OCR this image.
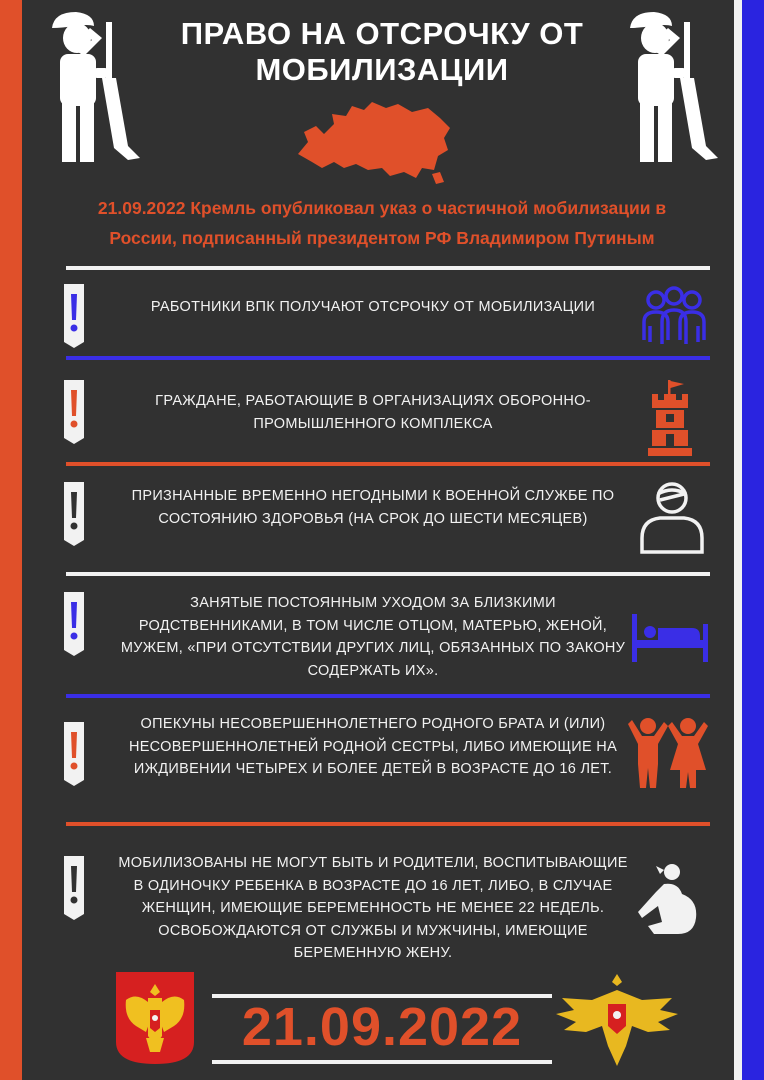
ПРАВО НА ОТСРОЧКУ ОТ МОБИЛИЗАЦИИ
21.09.2022 Кремль опубликовал указ о частичной мобилизации в России, подписанный президентом РФ Владимиром Путиным
РАБОТНИКИ ВПК ПОЛУЧАЮТ ОТСРОЧКУ ОТ МОБИЛИЗАЦИИ
ГРАЖДАНЕ, РАБОТАЮЩИЕ В ОРГАНИЗАЦИЯХ ОБОРОННО-ПРОМЫШЛЕННОГО КОМПЛЕКСА
ПРИЗНАННЫЕ ВРЕМЕННО НЕГОДНЫМИ К ВОЕННОЙ СЛУЖБЕ ПО СОСТОЯНИЮ ЗДОРОВЬЯ (НА СРОК ДО ШЕСТИ МЕСЯЦЕВ)
ЗАНЯТЫЕ ПОСТОЯННЫМ УХОДОМ ЗА БЛИЗКИМИ РОДСТВЕННИКАМИ, В ТОМ ЧИСЛЕ ОТЦОМ, МАТЕРЬЮ, ЖЕНОЙ, МУЖЕМ, «ПРИ ОТСУТСТВИИ ДРУГИХ ЛИЦ, ОБЯЗАННЫХ ПО ЗАКОНУ СОДЕРЖАТЬ ИХ».
ОПЕКУНЫ НЕСОВЕРШЕННОЛЕТНЕГО РОДНОГО БРАТА И (ИЛИ) НЕСОВЕРШЕННОЛЕТНЕЙ РОДНОЙ СЕСТРЫ, ЛИБО ИМЕЮЩИЕ НА ИЖДИВЕНИИ ЧЕТЫРЕХ И БОЛЕЕ ДЕТЕЙ В ВОЗРАСТЕ ДО 16 ЛЕТ.
МОБИЛИЗОВАНЫ НЕ МОГУТ БЫТЬ И РОДИТЕЛИ, ВОСПИТЫВАЮЩИЕ В ОДИНОЧКУ РЕБЕНКА В ВОЗРАСТЕ ДО 16 ЛЕТ, ЛИБО, В СЛУЧАЕ ЖЕНЩИН, ИМЕЮЩИЕ БЕРЕМЕННОСТЬ НЕ МЕНЕЕ 22 НЕДЕЛЬ. ОСВОБОЖДАЮТСЯ ОТ СЛУЖБЫ И МУЖЧИНЫ, ИМЕЮЩИЕ БЕРЕМЕННУЮ ЖЕНУ.
21.09.2022
